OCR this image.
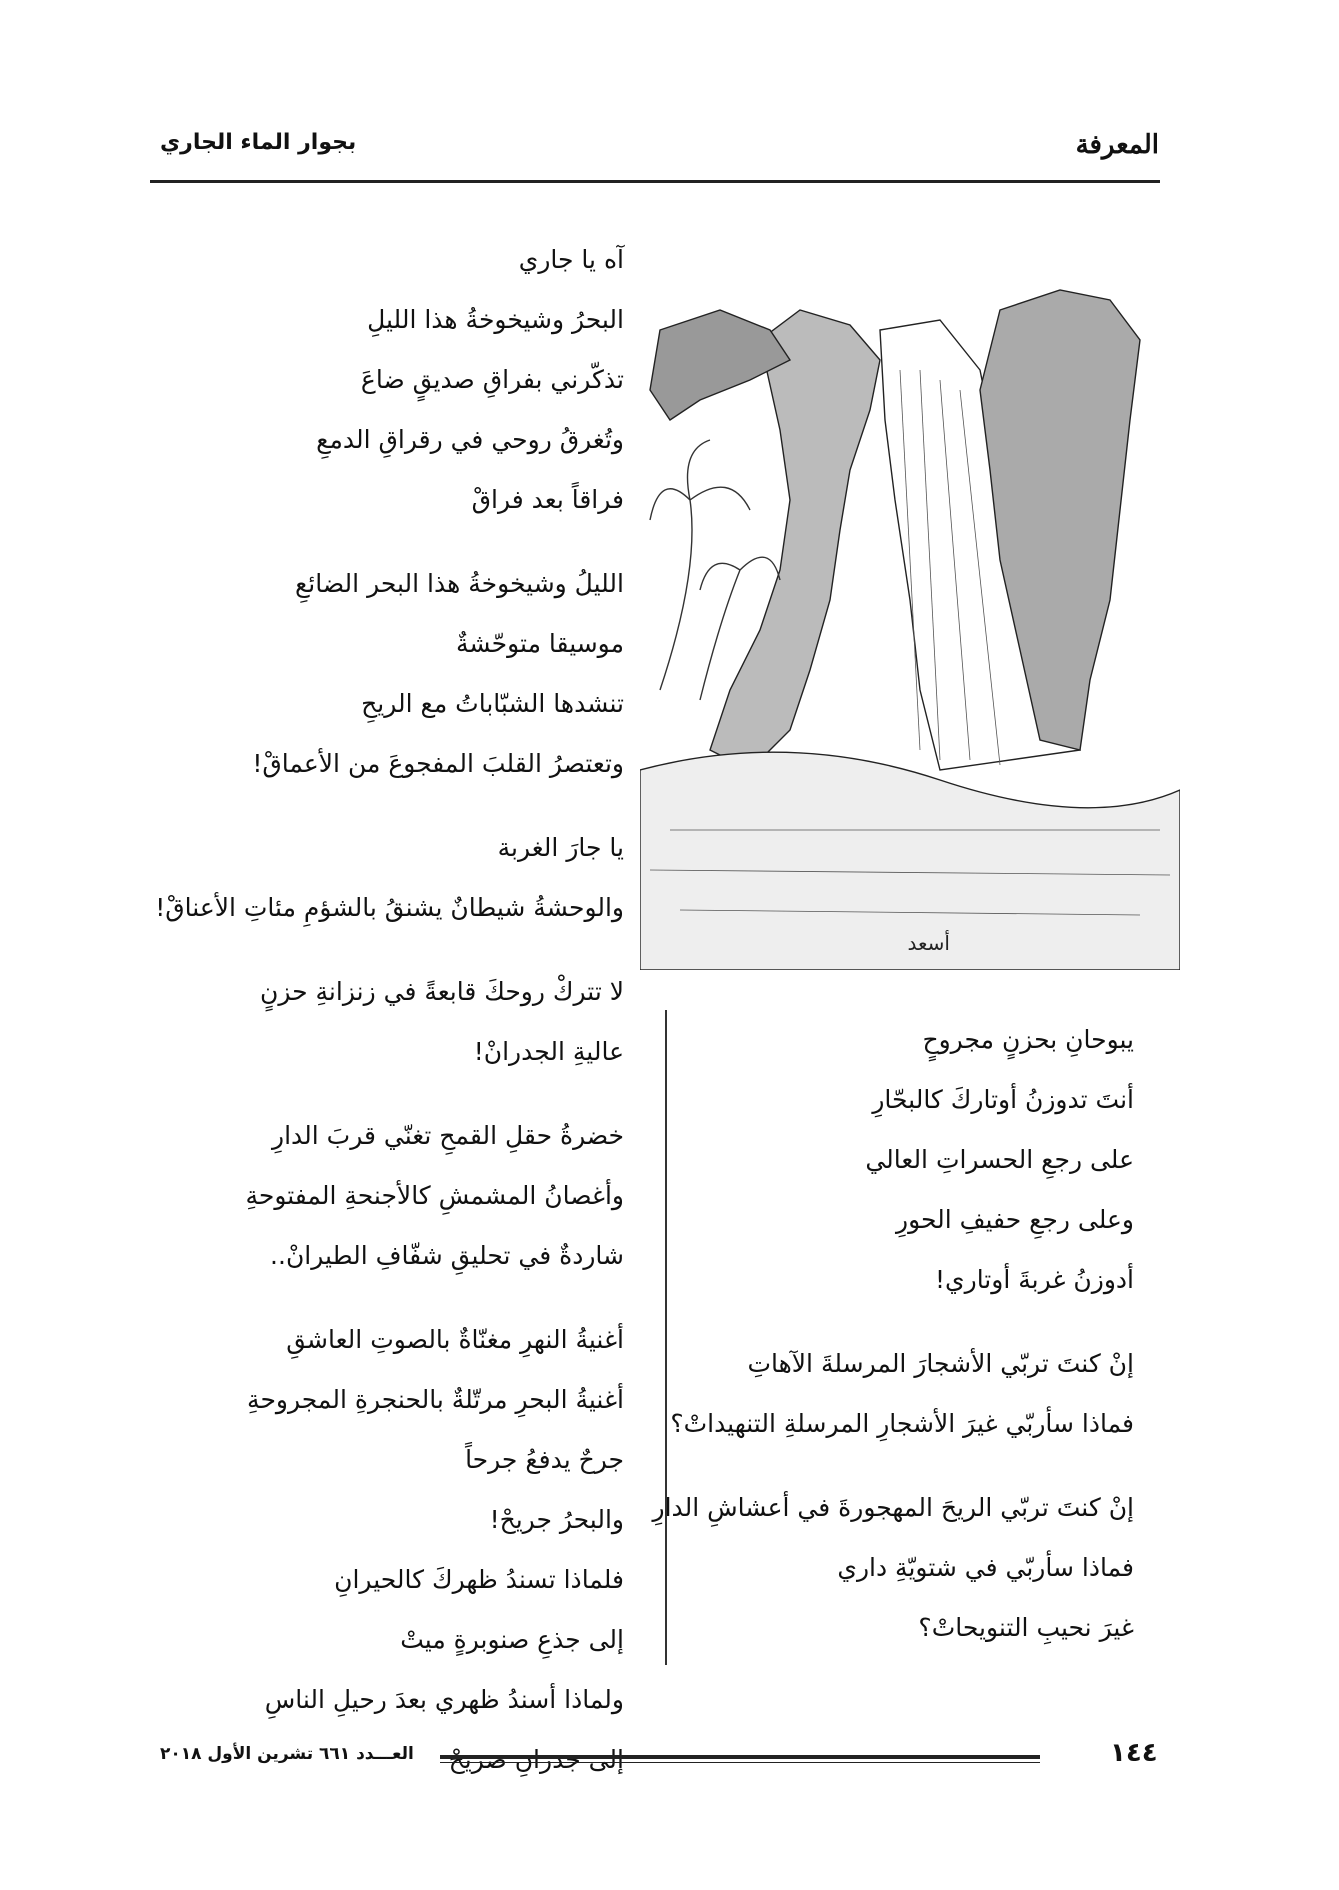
المعرفة
بجوار الماء الجاري
آه يا جاري
البحرُ وشيخوخةُ هذا الليلِ
تذكّرني بفراقِ صديقٍ ضاعَ
وتُغرقُ روحي في رقراقِ الدمعِ
فراقاً بعد فراقْ
الليلُ وشيخوخةُ هذا البحر الضائعِ
موسيقا متوحّشةٌ
تنشدها الشبّاباتُ مع الريحِ
وتعتصرُ القلبَ المفجوعَ من الأعماقْ!
يا جارَ الغربة
والوحشةُ شيطانٌ يشنقُ بالشؤمِ مئاتِ الأعناقْ!
لا تتركْ روحكَ قابعةً في زنزانةِ حزنٍ
عاليةِ الجدرانْ!
خضرةُ حقلِ القمحِ تغنّي قربَ الدارِ
وأغصانُ المشمشِ كالأجنحةِ المفتوحةِ
شاردةٌ في تحليقِ شفّافِ الطيرانْ..
أغنيةُ النهرِ مغنّاةٌ بالصوتِ العاشقِ
أغنيةُ البحرِ مرتّلةٌ بالحنجرةِ المجروحةِ
جرحٌ يدفعُ جرحاً
والبحرُ جريحْ!
فلماذا تسندُ ظهركَ كالحيرانِ
إلى جذعِ صنوبرةٍ ميتْ
ولماذا أسندُ ظهري بعدَ رحيلِ الناسِ
إلى جدرانِ ضريحْ
أسعد
يبوحانِ بحزنٍ مجروحٍ
أنتَ تدوزنُ أوتاركَ كالبحّارِ
على رجعِ الحسراتِ العالي
وعلى رجعِ حفيفِ الحورِ
أدوزنُ غربةَ أوتاري!
إنْ كنتَ تربّي الأشجارَ المرسلةَ الآهاتِ
فماذا سأربّي غيرَ الأشجارِ المرسلةِ التنهيداتْ؟
إنْ كنتَ تربّي الريحَ المهجورةَ في أعشاشِ الدارِ
فماذا سأربّي في شتويّةِ داري
غيرَ نحيبِ التنويحاتْ؟
العـــدد ٦٦١ تشرين الأول ٢٠١٨	١٤٤
